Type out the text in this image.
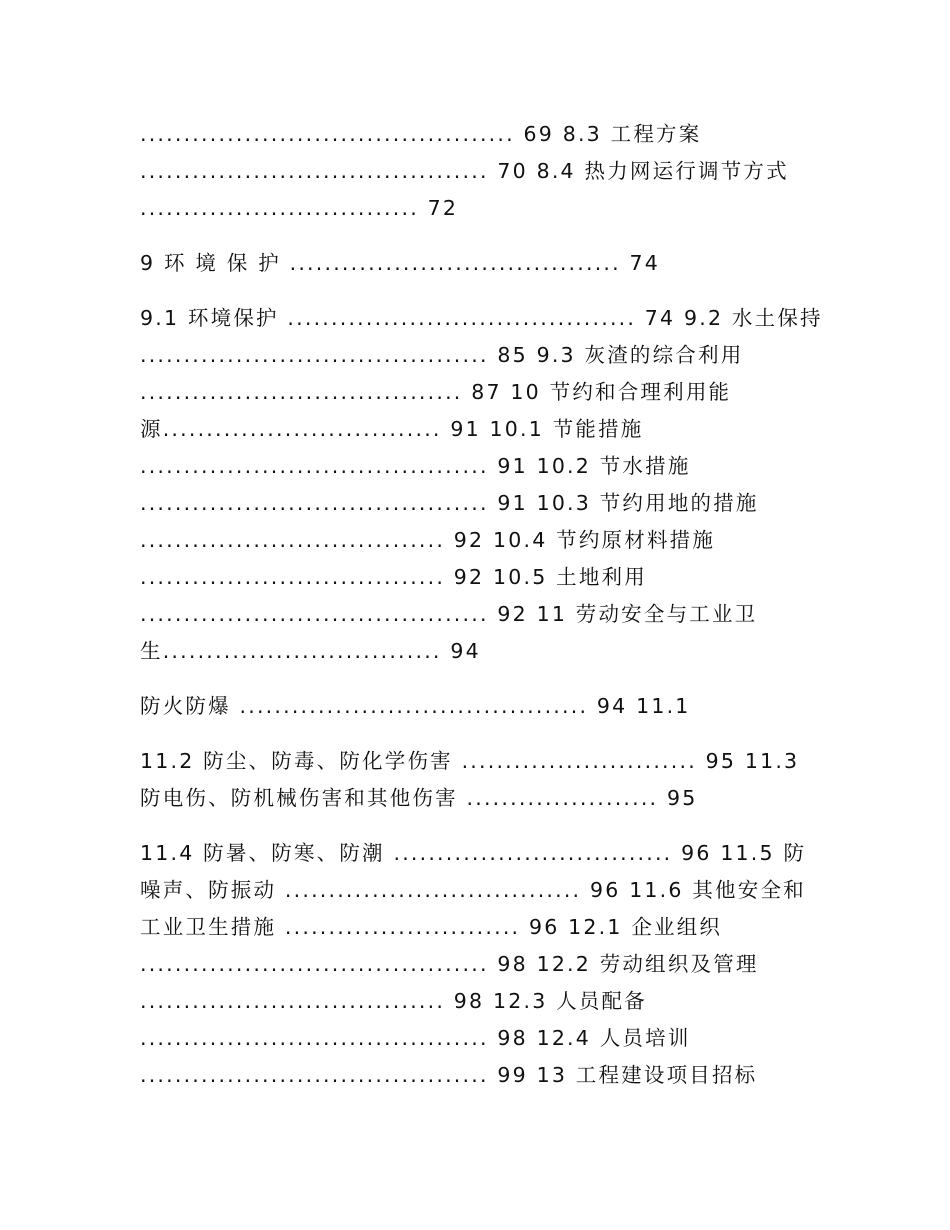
........................................... 69 8.3 工程方案
........................................ 70 8.4 热力网运行调节方式
................................ 72
9 环 境 保 护 ...................................... 74
9.1 环境保护 ........................................ 74 9.2 水土保持
........................................ 85 9.3 灰渣的综合利用
..................................... 87 10 节约和合理利用能
源................................ 91 10.1 节能措施
........................................ 91 10.2 节水措施
........................................ 91 10.3 节约用地的措施
................................... 92 10.4 节约原材料措施
................................... 92 10.5 土地利用
........................................ 92 11 劳动安全与工业卫
生................................ 94
防火防爆 ........................................ 94 11.1
11.2 防尘、防毒、防化学伤害 ........................... 95 11.3
防电伤、防机械伤害和其他伤害 ...................... 95
11.4 防暑、防寒、防潮 ................................ 96 11.5 防
噪声、防振动 .................................. 96 11.6 其他安全和
工业卫生措施 ........................... 96 12.1 企业组织
........................................ 98 12.2 劳动组织及管理
................................... 98 12.3 人员配备
........................................ 98 12.4 人员培训
........................................ 99 13 工程建设项目招标
